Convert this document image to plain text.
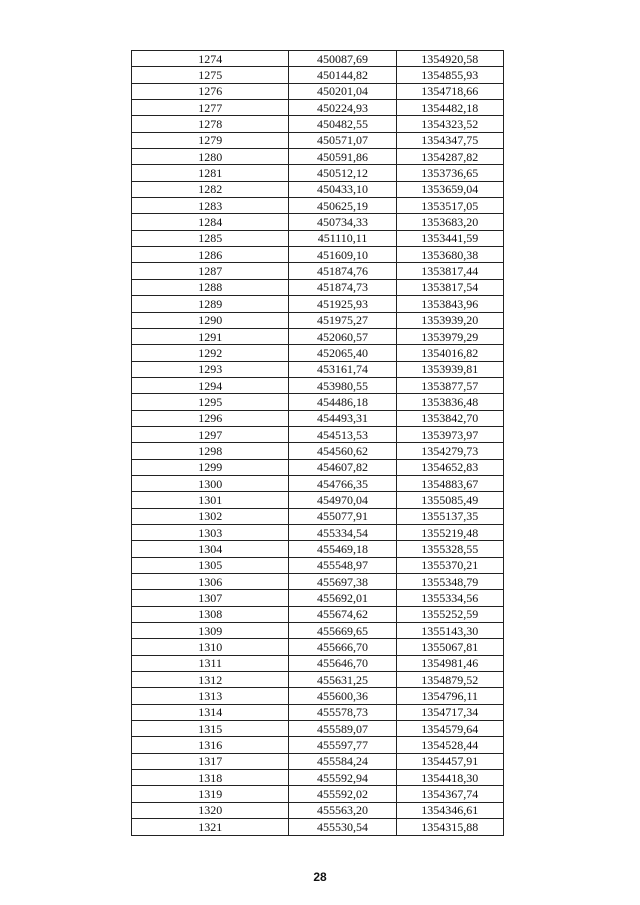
1274	450087,69	1354920,58
1275	450144,82	1354855,93
1276	450201,04	1354718,66
1277	450224,93	1354482,18
1278	450482,55	1354323,52
1279	450571,07	1354347,75
1280	450591,86	1354287,82
1281	450512,12	1353736,65
1282	450433,10	1353659,04
1283	450625,19	1353517,05
1284	450734,33	1353683,20
1285	451110,11	1353441,59
1286	451609,10	1353680,38
1287	451874,76	1353817,44
1288	451874,73	1353817,54
1289	451925,93	1353843,96
1290	451975,27	1353939,20
1291	452060,57	1353979,29
1292	452065,40	1354016,82
1293	453161,74	1353939,81
1294	453980,55	1353877,57
1295	454486,18	1353836,48
1296	454493,31	1353842,70
1297	454513,53	1353973,97
1298	454560,62	1354279,73
1299	454607,82	1354652,83
1300	454766,35	1354883,67
1301	454970,04	1355085,49
1302	455077,91	1355137,35
1303	455334,54	1355219,48
1304	455469,18	1355328,55
1305	455548,97	1355370,21
1306	455697,38	1355348,79
1307	455692,01	1355334,56
1308	455674,62	1355252,59
1309	455669,65	1355143,30
1310	455666,70	1355067,81
1311	455646,70	1354981,46
1312	455631,25	1354879,52
1313	455600,36	1354796,11
1314	455578,73	1354717,34
1315	455589,07	1354579,64
1316	455597,77	1354528,44
1317	455584,24	1354457,91
1318	455592,94	1354418,30
1319	455592,02	1354367,74
1320	455563,20	1354346,61
1321	455530,54	1354315,88
28
